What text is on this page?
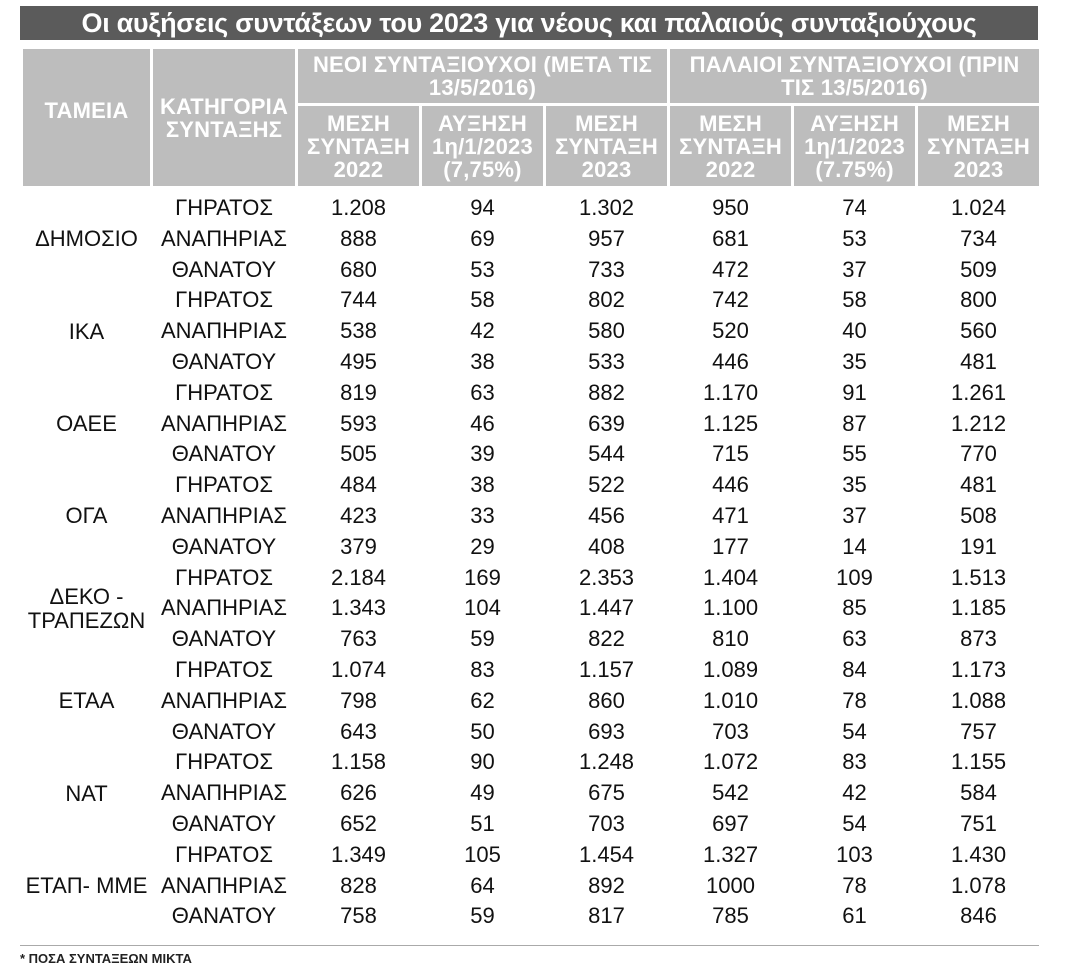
Οι αυξήσεις συντάξεων του 2023 για νέους και παλαιούς συνταξιούχους
ΤΑΜΕΙΑ	ΚΑΤΗΓΟΡΙΑ ΣΥΝΤΑΞΗΣ	ΝΕΟΙ ΣΥΝΤΑΞΙΟΥΧΟΙ (ΜΕΤΑ ΤΙΣ 13/5/2016)			ΠΑΛΑΙΟΙ ΣΥΝΤΑΞΙΟΥΧΟΙ (ΠΡΙΝ ΤΙΣ 13/5/2016)		
		ΜΕΣΗ ΣΥΝΤΑΞΗ 2022	ΑΥΞΗΣΗ 1η/1/2023 (7,75%)	ΜΕΣΗ ΣΥΝΤΑΞΗ 2023	ΜΕΣΗ ΣΥΝΤΑΞΗ 2022	ΑΥΞΗΣΗ 1η/1/2023 (7.75%)	ΜΕΣΗ ΣΥΝΤΑΞΗ 2023
ΔΗΜΟΣΙΟ	ΓΗΡΑΤΟΣ	1.208	94	1.302	950	74	1.024
	ΑΝΑΠΗΡΙΑΣ	888	69	957	681	53	734
	ΘΑΝΑΤΟΥ	680	53	733	472	37	509
ΙΚΑ	ΓΗΡΑΤΟΣ	744	58	802	742	58	800
	ΑΝΑΠΗΡΙΑΣ	538	42	580	520	40	560
	ΘΑΝΑΤΟΥ	495	38	533	446	35	481
ΟΑΕΕ	ΓΗΡΑΤΟΣ	819	63	882	1.170	91	1.261
	ΑΝΑΠΗΡΙΑΣ	593	46	639	1.125	87	1.212
	ΘΑΝΑΤΟΥ	505	39	544	715	55	770
ΟΓΑ	ΓΗΡΑΤΟΣ	484	38	522	446	35	481
	ΑΝΑΠΗΡΙΑΣ	423	33	456	471	37	508
	ΘΑΝΑΤΟΥ	379	29	408	177	14	191
ΔΕΚΟ - ΤΡΑΠΕΖΩΝ	ΓΗΡΑΤΟΣ	2.184	169	2.353	1.404	109	1.513
	ΑΝΑΠΗΡΙΑΣ	1.343	104	1.447	1.100	85	1.185
	ΘΑΝΑΤΟΥ	763	59	822	810	63	873
ΕΤΑΑ	ΓΗΡΑΤΟΣ	1.074	83	1.157	1.089	84	1.173
	ΑΝΑΠΗΡΙΑΣ	798	62	860	1.010	78	1.088
	ΘΑΝΑΤΟΥ	643	50	693	703	54	757
ΝΑΤ	ΓΗΡΑΤΟΣ	1.158	90	1.248	1.072	83	1.155
	ΑΝΑΠΗΡΙΑΣ	626	49	675	542	42	584
	ΘΑΝΑΤΟΥ	652	51	703	697	54	751
ΕΤΑΠ- ΜΜΕ	ΓΗΡΑΤΟΣ	1.349	105	1.454	1.327	103	1.430
	ΑΝΑΠΗΡΙΑΣ	828	64	892	1000	78	1.078
	ΘΑΝΑΤΟΥ	758	59	817	785	61	846
* ΠΟΣΑ ΣΥΝΤΑΞΕΩΝ ΜΙΚΤΑ
